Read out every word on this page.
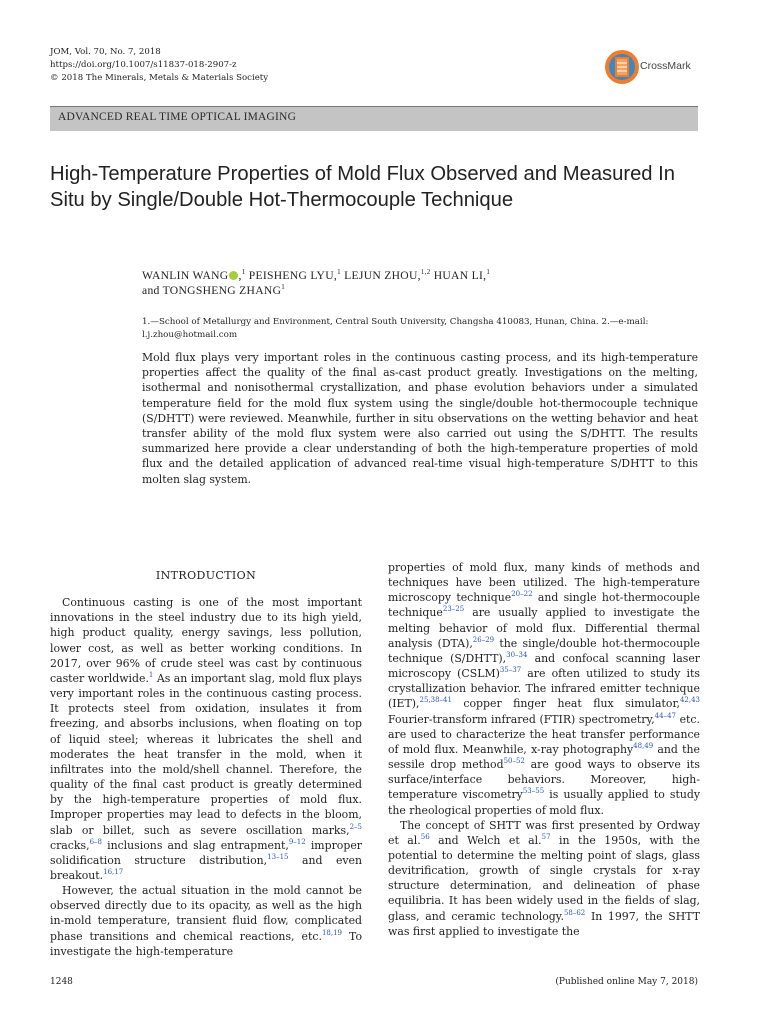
JOM, Vol. 70, No. 7, 2018
https://doi.org/10.1007/s11837-018-2907-z
© 2018 The Minerals, Metals & Materials Society
CrossMark
ADVANCED REAL TIME OPTICAL IMAGING
High-Temperature Properties of Mold Flux Observed and Measured In Situ by Single/Double Hot-Thermocouple Technique
WANLIN WANG ,$^1$ PEISHENG LYU,$^1$ LEJUN ZHOU,$^{1,2}$ HUAN LI,$^1$
and TONGSHENG ZHANG$^1$
1.—School of Metallurgy and Environment, Central South University, Changsha 410083, Hunan, China. 2.—e-mail: l.j.zhou@hotmail.com
Mold flux plays very important roles in the continuous casting process, and its high-temperature properties affect the quality of the final as-cast product greatly. Investigations on the melting, isothermal and nonisothermal crystallization, and phase evolution behaviors under a simulated temperature field for the mold flux system using the single/double hot-thermocouple technique (S/DHTT) were reviewed. Meanwhile, further in situ observations on the wetting behavior and heat transfer ability of the mold flux system were also carried out using the S/DHTT. The results summarized here provide a clear understanding of both the high-temperature properties of mold flux and the detailed application of advanced real-time visual high-temperature S/DHTT to this molten slag system.
INTRODUCTION

Continuous casting is one of the most important innovations in the steel industry due to its high yield, high product quality, energy savings, less pollution, lower cost, as well as better working conditions. In 2017, over 96% of crude steel was cast by continuous caster worldwide.$^1$ As an important slag, mold flux plays very important roles in the continuous casting process. It protects steel from oxidation, insulates it from freezing, and absorbs inclusions, when floating on top of liquid steel; whereas it lubricates the shell and moderates the heat transfer in the mold, when it infiltrates into the mold/shell channel. Therefore, the quality of the final cast product is greatly determined by the high-temperature properties of mold flux. Improper properties may lead to defects in the bloom, slab or billet, such as severe oscillation marks,$^{2-5}$ cracks,$^{6-8}$ inclusions and slag entrapment,$^{9-12}$ improper solidification structure distribution,$^{13-15}$ and even breakout.$^{16,17}$

However, the actual situation in the mold cannot be observed directly due to its opacity, as well as the high in-mold temperature, transient fluid flow, complicated phase transitions and chemical reactions, etc.$^{18,19}$ To investigate the high-temperature

properties of mold flux, many kinds of methods and techniques have been utilized. The high-temperature microscopy technique$^{20-22}$ and single hot-thermocouple technique$^{23-25}$ are usually applied to investigate the melting behavior of mold flux. Differential thermal analysis (DTA),$^{26-29}$ the single/double hot-thermocouple technique (S/DHTT),$^{30-34}$ and confocal scanning laser microscopy (CSLM)$^{35-37}$ are often utilized to study its crystallization behavior. The infrared emitter technique (IET),$^{25,38-41}$ copper finger heat flux simulator,$^{42,43}$ Fourier-transform infrared (FTIR) spectrometry,$^{44-47}$ etc. are used to characterize the heat transfer performance of mold flux. Meanwhile, x-ray photography$^{48,49}$ and the sessile drop method$^{50-52}$ are good ways to observe its surface/interface behaviors. Moreover, high-temperature viscometry$^{53-55}$ is usually applied to study the rheological properties of mold flux.

The concept of SHTT was first presented by Ordway et al.$^{56}$ and Welch et al.$^{57}$ in the 1950s, with the potential to determine the melting point of slags, glass devitrification, growth of single crystals for x-ray structure determination, and delineation of phase equilibria. It has been widely used in the fields of slag, glass, and ceramic technology.$^{58-62}$ In 1997, the SHTT was first applied to investigate the

1248	(Published online May 7, 2018)
